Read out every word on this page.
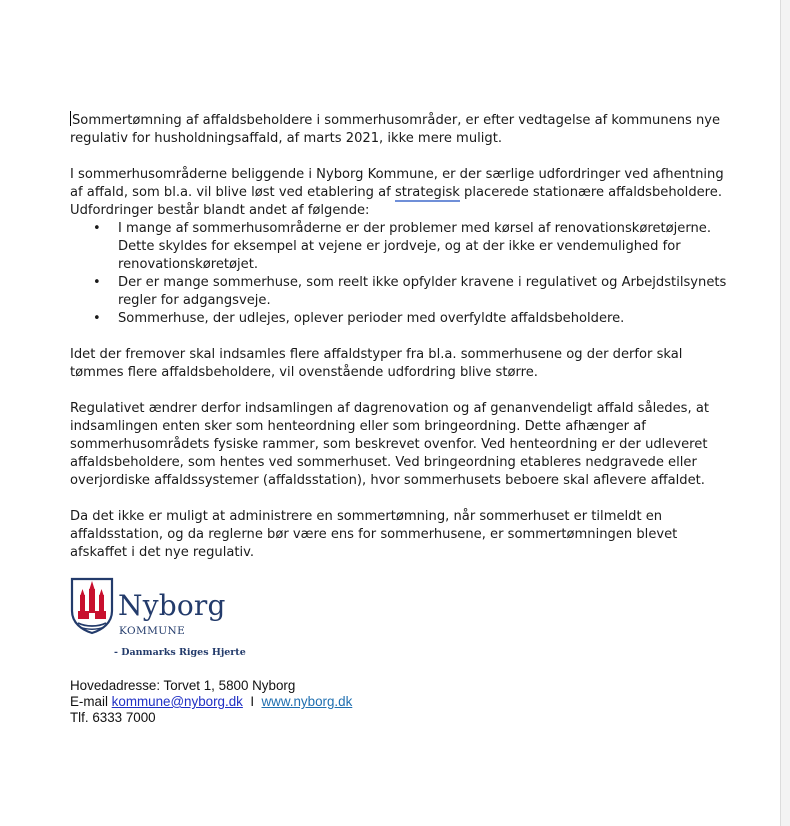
Sommertømning af affaldsbeholdere i sommerhusområder, er efter vedtagelse af kommunens nye regulativ for husholdningsaffald, af marts 2021, ikke mere muligt.

I sommerhusområderne beliggende i Nyborg Kommune, er der særlige udfordringer ved afhentning af affald, som bl.a. vil blive løst ved etablering af strategisk placerede stationære affaldsbeholdere.

Udfordringer består blandt andet af følgende:

• I mange af sommerhusområderne er der problemer med kørsel af renovationskøretøjerne. Dette skyldes for eksempel at vejene er jordveje, og at der ikke er vendemulighed for renovationskøretøjet.
• Der er mange sommerhuse, som reelt ikke opfylder kravene i regulativet og Arbejdstilsynets regler for adgangsveje.
• Sommerhuse, der udlejes, oplever perioder med overfyldte affaldsbeholdere.

Idet der fremover skal indsamles flere affaldstyper fra bl.a. sommerhusene og der derfor skal tømmes flere affaldsbeholdere, vil ovenstående udfordring blive større.

Regulativet ændrer derfor indsamlingen af dagrenovation og af genanvendeligt affald således, at indsamlingen enten sker som henteordning eller som bringeordning. Dette afhænger af sommerhusområdets fysiske rammer, som beskrevet ovenfor. Ved henteordning er der udleveret affaldsbeholdere, som hentes ved sommerhuset. Ved bringeordning etableres nedgravede eller overjordiske affaldssystemer (affaldsstation), hvor sommerhusets beboere skal aflevere affaldet.

Da det ikke er muligt at administrere en sommertømning, når sommerhuset er tilmeldt en affaldsstation, og da reglerne bør være ens for sommerhusene, er sommertømningen blevet afskaffet i det nye regulativ.

Nyborg
KOMMUNE
- Danmarks Riges Hjerte
Hovedadresse: Torvet 1, 5800 Nyborg
E-mail kommune@nyborg.dk  I  www.nyborg.dk
Tlf. 6333 7000
